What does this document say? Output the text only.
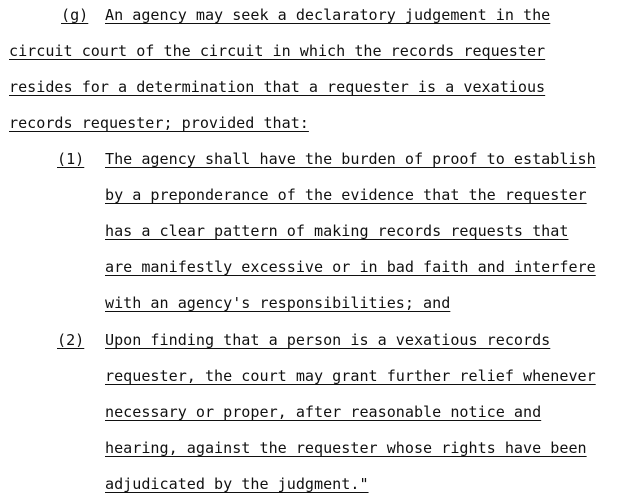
(g) An agency may seek a declaratory judgement in the
circuit court of the circuit in which the records requester
resides for a determination that a requester is a vexatious
records requester; provided that:
(1) The agency shall have the burden of proof to establish
by a preponderance of the evidence that the requester
has a clear pattern of making records requests that
are manifestly excessive or in bad faith and interfere
with an agency's responsibilities; and
(2) Upon finding that a person is a vexatious records
requester, the court may grant further relief whenever
necessary or proper, after reasonable notice and
hearing, against the requester whose rights have been
adjudicated by the judgment."
